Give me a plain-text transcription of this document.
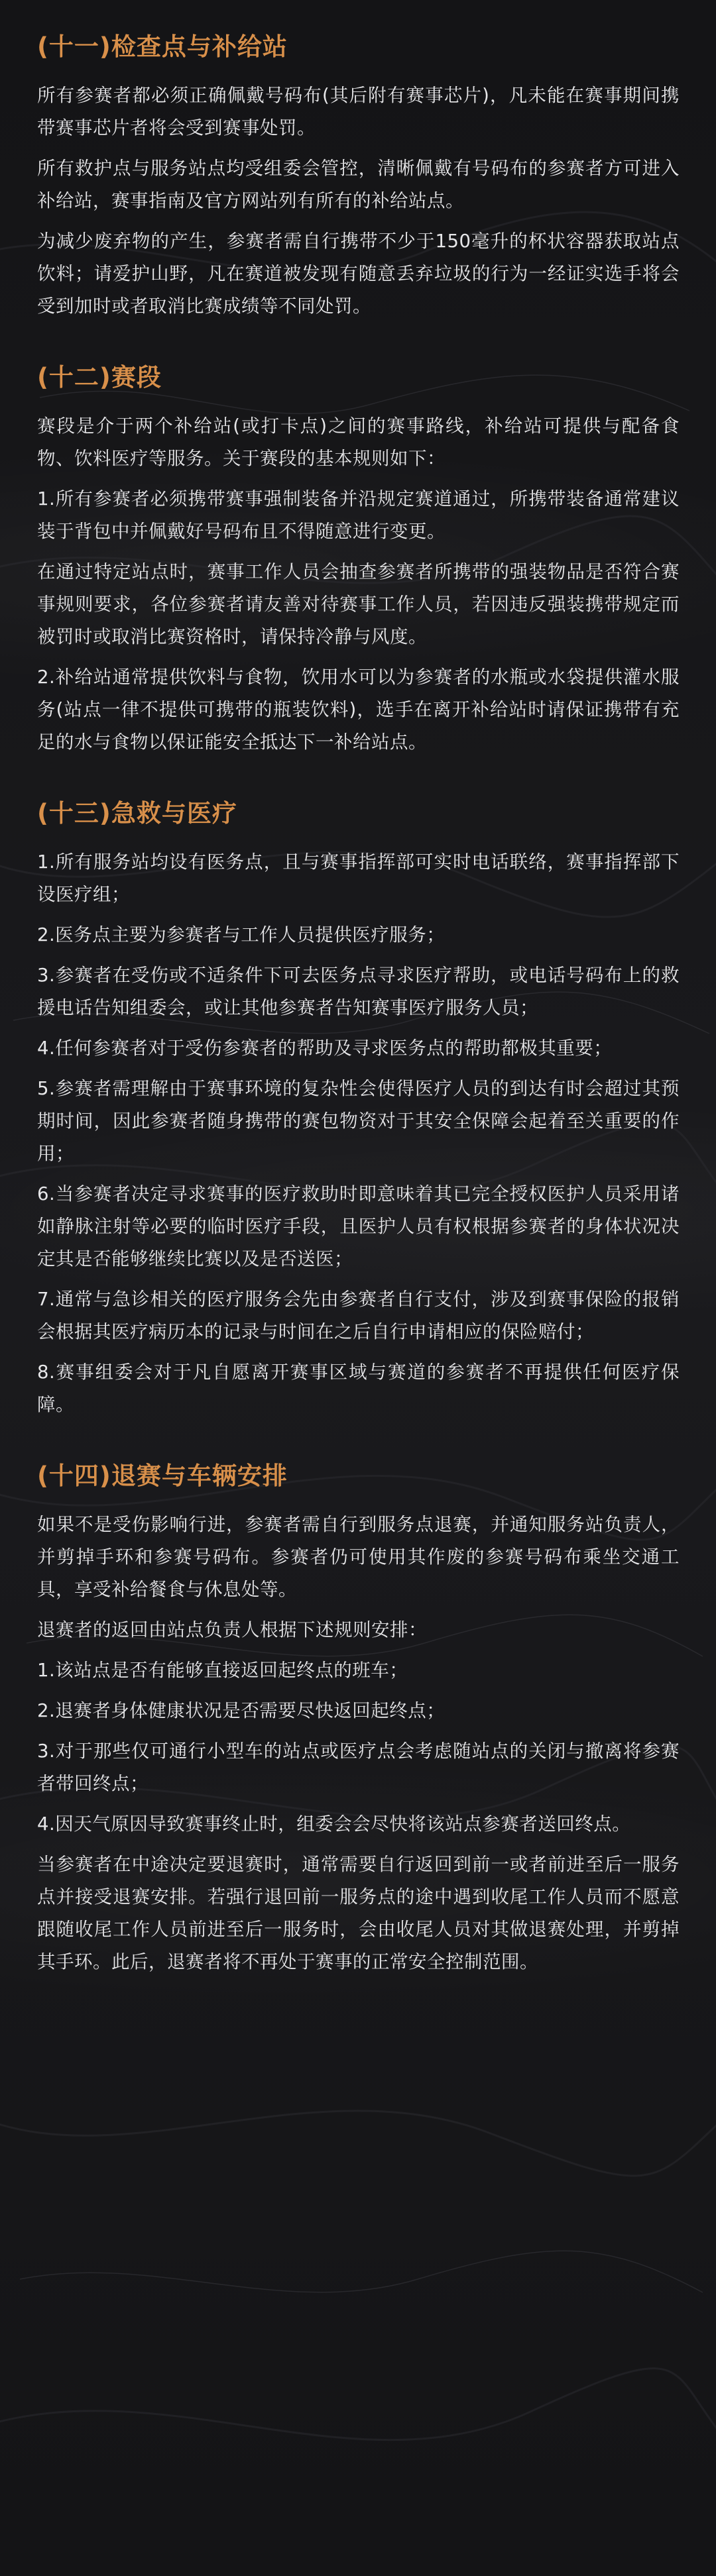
(十一)检查点与补给站

所有参赛者都必须正确佩戴号码布(其后附有赛事芯片)，凡未能在赛事期间携带赛事芯片者将会受到赛事处罚。

所有救护点与服务站点均受组委会管控，清晰佩戴有号码布的参赛者方可进入补给站，赛事指南及官方网站列有所有的补给站点。

为减少废弃物的产生，参赛者需自行携带不少于150毫升的杯状容器获取站点饮料；请爱护山野，凡在赛道被发现有随意丢弃垃圾的行为一经证实选手将会受到加时或者取消比赛成绩等不同处罚。

(十二)赛段

赛段是介于两个补给站(或打卡点)之间的赛事路线，补给站可提供与配备食物、饮料医疗等服务。关于赛段的基本规则如下：

1.所有参赛者必须携带赛事强制装备并沿规定赛道通过，所携带装备通常建议装于背包中并佩戴好号码布且不得随意进行变更。

在通过特定站点时，赛事工作人员会抽查参赛者所携带的强装物品是否符合赛事规则要求，各位参赛者请友善对待赛事工作人员，若因违反强装携带规定而被罚时或取消比赛资格时，请保持冷静与风度。

2.补给站通常提供饮料与食物，饮用水可以为参赛者的水瓶或水袋提供灌水服务(站点一律不提供可携带的瓶装饮料)，选手在离开补给站时请保证携带有充足的水与食物以保证能安全抵达下一补给站点。

(十三)急救与医疗

1.所有服务站均设有医务点，且与赛事指挥部可实时电话联络，赛事指挥部下设医疗组；

2.医务点主要为参赛者与工作人员提供医疗服务；

3.参赛者在受伤或不适条件下可去医务点寻求医疗帮助，或电话号码布上的救援电话告知组委会，或让其他参赛者告知赛事医疗服务人员；

4.任何参赛者对于受伤参赛者的帮助及寻求医务点的帮助都极其重要；

5.参赛者需理解由于赛事环境的复杂性会使得医疗人员的到达有时会超过其预期时间，因此参赛者随身携带的赛包物资对于其安全保障会起着至关重要的作用；

6.当参赛者决定寻求赛事的医疗救助时即意味着其已完全授权医护人员采用诸如静脉注射等必要的临时医疗手段，且医护人员有权根据参赛者的身体状况决定其是否能够继续比赛以及是否送医；

7.通常与急诊相关的医疗服务会先由参赛者自行支付，涉及到赛事保险的报销会根据其医疗病历本的记录与时间在之后自行申请相应的保险赔付；

8.赛事组委会对于凡自愿离开赛事区域与赛道的参赛者不再提供任何医疗保障。

(十四)退赛与车辆安排

如果不是受伤影响行进，参赛者需自行到服务点退赛，并通知服务站负责人，并剪掉手环和参赛号码布。参赛者仍可使用其作废的参赛号码布乘坐交通工具，享受补给餐食与休息处等。

退赛者的返回由站点负责人根据下述规则安排：

1.该站点是否有能够直接返回起终点的班车；

2.退赛者身体健康状况是否需要尽快返回起终点；

3.对于那些仅可通行小型车的站点或医疗点会考虑随站点的关闭与撤离将参赛者带回终点；

4.因天气原因导致赛事终止时，组委会会尽快将该站点参赛者送回终点。

当参赛者在中途决定要退赛时，通常需要自行返回到前一或者前进至后一服务点并接受退赛安排。若强行退回前一服务点的途中遇到收尾工作人员而不愿意跟随收尾工作人员前进至后一服务时，会由收尾人员对其做退赛处理，并剪掉其手环。此后，退赛者将不再处于赛事的正常安全控制范围。
